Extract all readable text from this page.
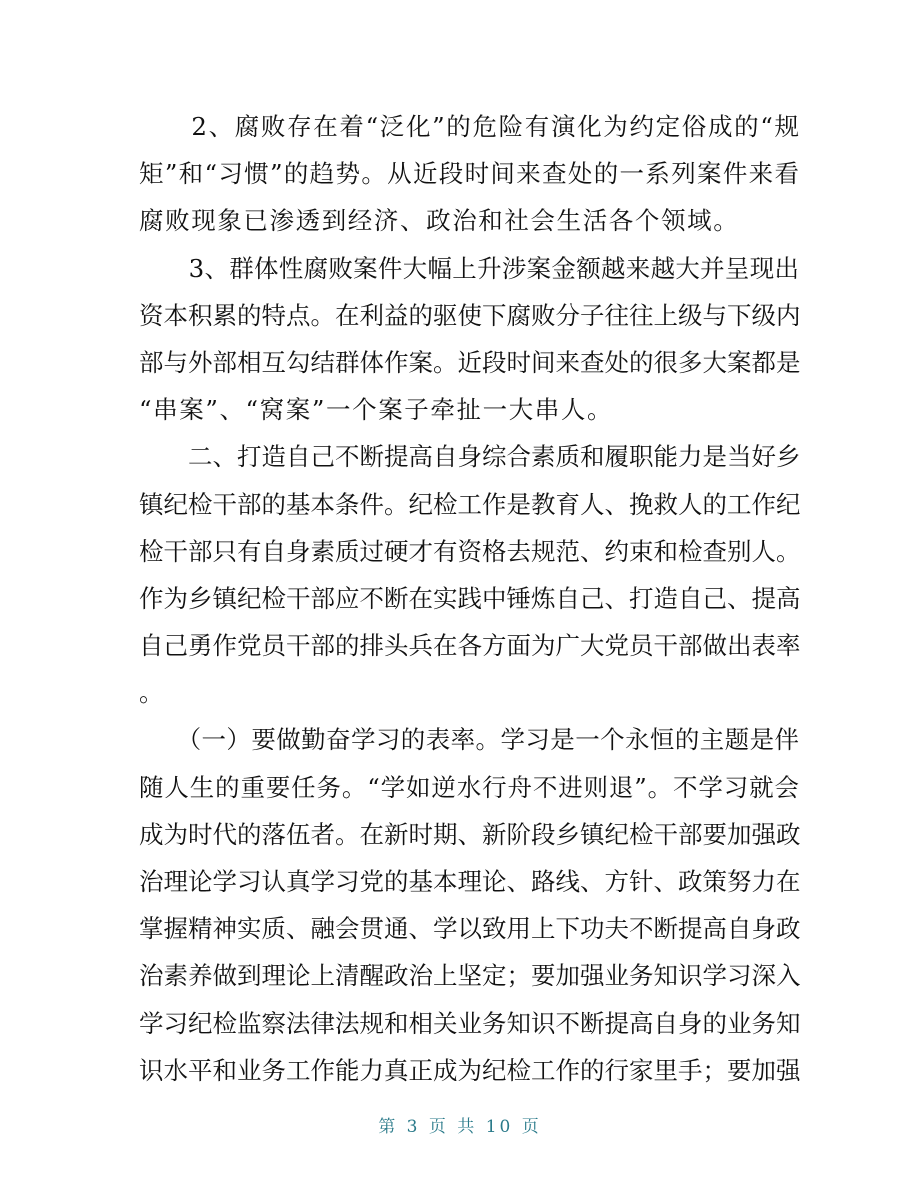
　　2、腐败存在着“泛化”的危险有演化为约定俗成的“规
矩”和“习惯”的趋势。从近段时间来查处的一系列案件来看
腐败现象已渗透到经济、政治和社会生活各个领域。
　　3、群体性腐败案件大幅上升涉案金额越来越大并呈现出
资本积累的特点。在利益的驱使下腐败分子往往上级与下级内
部与外部相互勾结群体作案。近段时间来查处的很多大案都是
“串案”、“窝案”一个案子牵扯一大串人。
　　二、打造自己不断提高自身综合素质和履职能力是当好乡
镇纪检干部的基本条件。纪检工作是教育人、挽救人的工作纪
检干部只有自身素质过硬才有资格去规范、约束和检查别人。
作为乡镇纪检干部应不断在实践中锤炼自己、打造自己、提高
自己勇作党员干部的排头兵在各方面为广大党员干部做出表率
。
　　（一）要做勤奋学习的表率。学习是一个永恒的主题是伴
随人生的重要任务。“学如逆水行舟不进则退”。不学习就会
成为时代的落伍者。在新时期、新阶段乡镇纪检干部要加强政
治理论学习认真学习党的基本理论、路线、方针、政策努力在
掌握精神实质、融会贯通、学以致用上下功夫不断提高自身政
治素养做到理论上清醒政治上坚定；要加强业务知识学习深入
学习纪检监察法律法规和相关业务知识不断提高自身的业务知
识水平和业务工作能力真正成为纪检工作的行家里手；要加强
第 3 页 共 10 页
